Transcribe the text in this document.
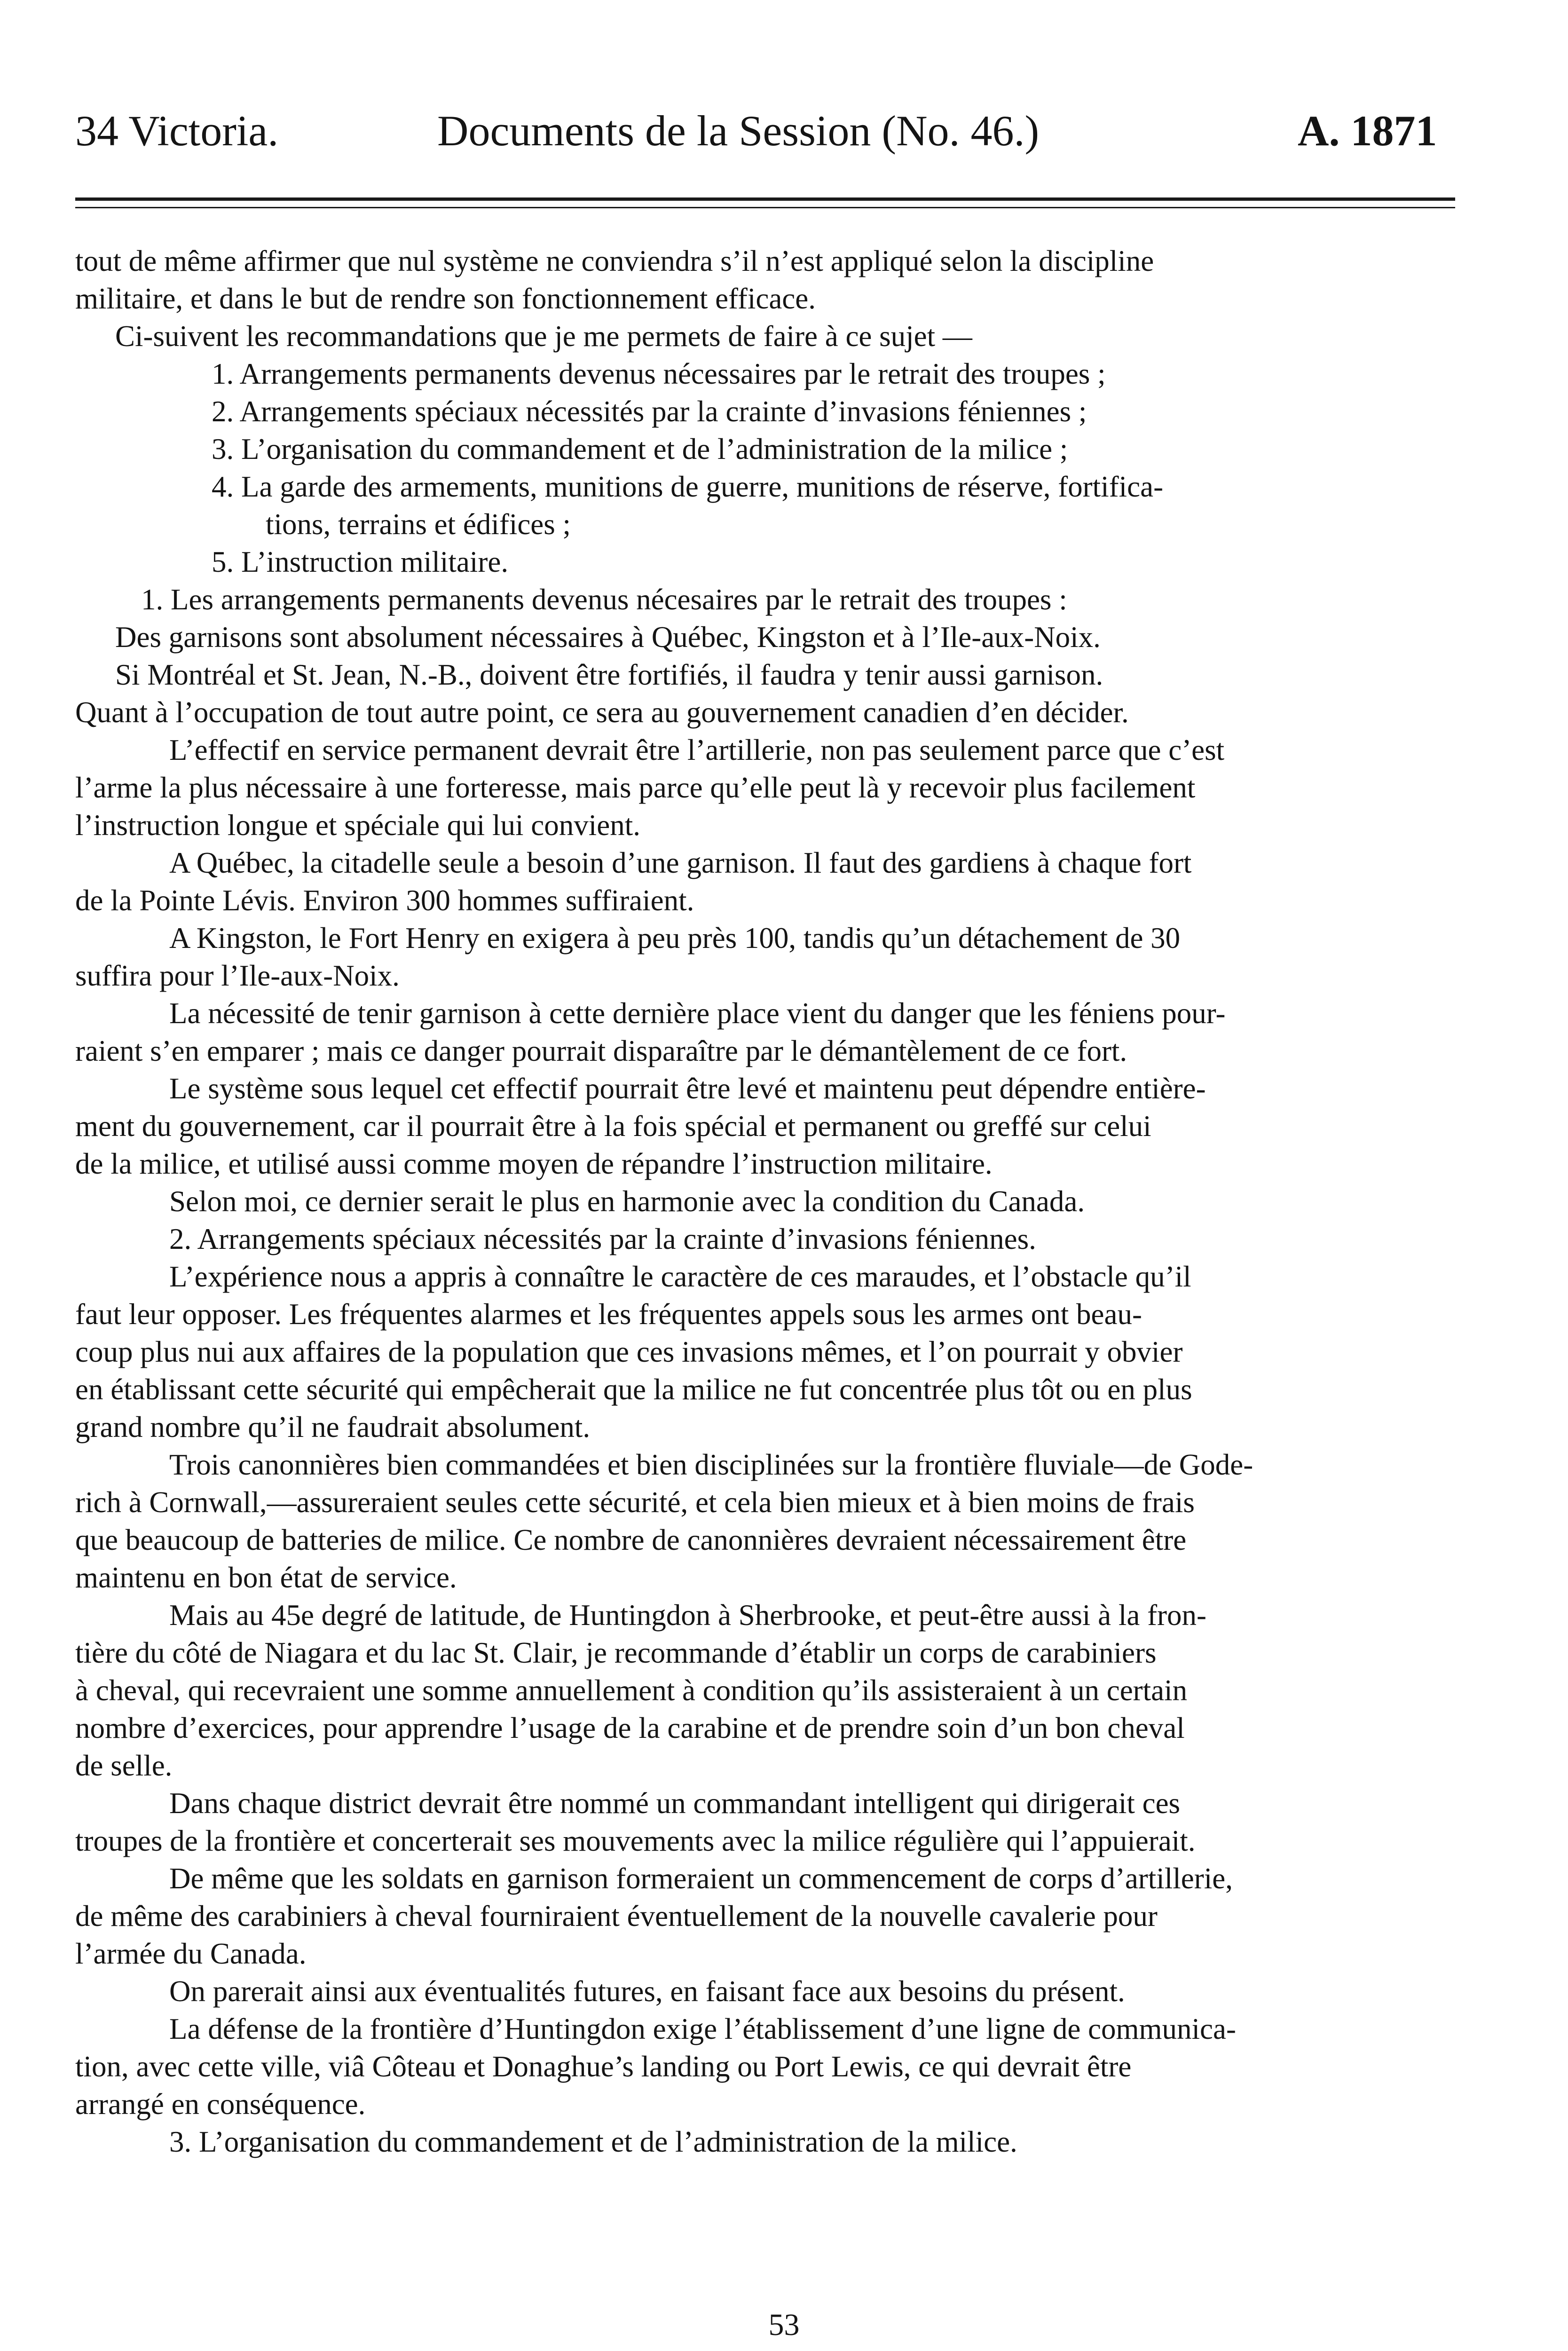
34 Victoria.	Documents de la Session (No. 46.)	A. 1871
tout de même affirmer que nul système ne conviendra s’il n’est appliqué selon la discipline
militaire, et dans le but de rendre son fonctionnement efficace.
Ci-suivent les recommandations que je me permets de faire à ce sujet —
1. Arrangements permanents devenus nécessaires par le retrait des troupes ;
2. Arrangements spéciaux nécessités par la crainte d’invasions féniennes ;
3. L’organisation du commandement et de l’administration de la milice ;
4. La garde des armements, munitions de guerre, munitions de réserve, fortifica-
tions, terrains et édifices ;
5. L’instruction militaire.
1. Les arrangements permanents devenus nécesaires par le retrait des troupes :
Des garnisons sont absolument nécessaires à Québec, Kingston et à l’Ile-aux-Noix.
Si Montréal et St. Jean, N.-B., doivent être fortifiés, il faudra y tenir aussi garnison.
Quant à l’occupation de tout autre point, ce sera au gouvernement canadien d’en décider.
L’effectif en service permanent devrait être l’artillerie, non pas seulement parce que c’est
l’arme la plus nécessaire à une forteresse, mais parce qu’elle peut là y recevoir plus facilement
l’instruction longue et spéciale qui lui convient.
A Québec, la citadelle seule a besoin d’une garnison. Il faut des gardiens à chaque fort
de la Pointe Lévis. Environ 300 hommes suffiraient.
A Kingston, le Fort Henry en exigera à peu près 100, tandis qu’un détachement de 30
suffira pour l’Ile-aux-Noix.
La nécessité de tenir garnison à cette dernière place vient du danger que les féniens pour-
raient s’en emparer ; mais ce danger pourrait disparaître par le démantèlement de ce fort.
Le système sous lequel cet effectif pourrait être levé et maintenu peut dépendre entière-
ment du gouvernement, car il pourrait être à la fois spécial et permanent ou greffé sur celui
de la milice, et utilisé aussi comme moyen de répandre l’instruction militaire.
Selon moi, ce dernier serait le plus en harmonie avec la condition du Canada.
2. Arrangements spéciaux nécessités par la crainte d’invasions féniennes.
L’expérience nous a appris à connaître le caractère de ces maraudes, et l’obstacle qu’il
faut leur opposer. Les fréquentes alarmes et les fréquentes appels sous les armes ont beau-
coup plus nui aux affaires de la population que ces invasions mêmes, et l’on pourrait y obvier
en établissant cette sécurité qui empêcherait que la milice ne fut concentrée plus tôt ou en plus
grand nombre qu’il ne faudrait absolument.
Trois canonnières bien commandées et bien disciplinées sur la frontière fluviale—de Gode-
rich à Cornwall,—assureraient seules cette sécurité, et cela bien mieux et à bien moins de frais
que beaucoup de batteries de milice. Ce nombre de canonnières devraient nécessairement être
maintenu en bon état de service.
Mais au 45e degré de latitude, de Huntingdon à Sherbrooke, et peut-être aussi à la fron-
tière du côté de Niagara et du lac St. Clair, je recommande d’établir un corps de carabiniers
à cheval, qui recevraient une somme annuellement à condition qu’ils assisteraient à un certain
nombre d’exercices, pour apprendre l’usage de la carabine et de prendre soin d’un bon cheval
de selle.
Dans chaque district devrait être nommé un commandant intelligent qui dirigerait ces
troupes de la frontière et concerterait ses mouvements avec la milice régulière qui l’appuierait.
De même que les soldats en garnison formeraient un commencement de corps d’artillerie,
de même des carabiniers à cheval fourniraient éventuellement de la nouvelle cavalerie pour
l’armée du Canada.
On parerait ainsi aux éventualités futures, en faisant face aux besoins du présent.
La défense de la frontière d’Huntingdon exige l’établissement d’une ligne de communica-
tion, avec cette ville, viâ Côteau et Donaghue’s landing ou Port Lewis, ce qui devrait être
arrangé en conséquence.
3. L’organisation du commandement et de l’administration de la milice.
53
